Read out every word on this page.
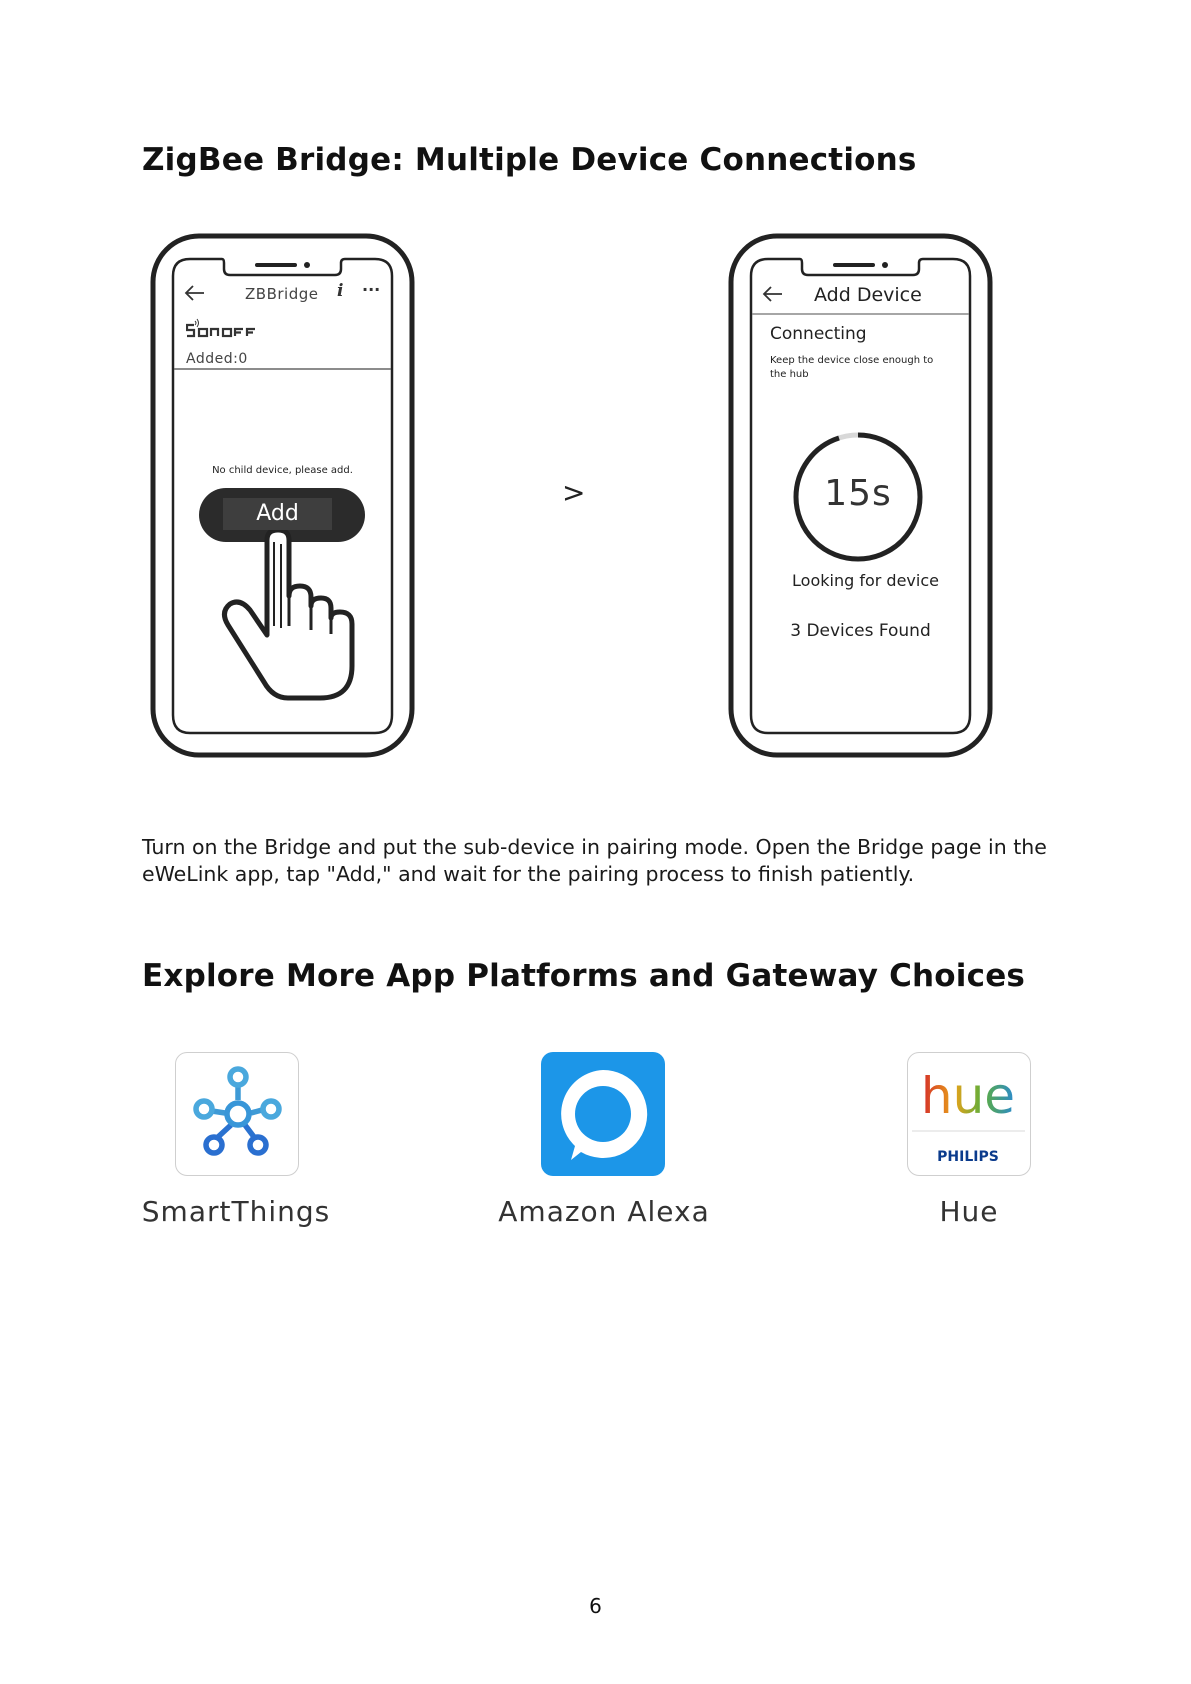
ZigBee Bridge: Multiple Device Connections
ZBBridge i ···
Added:0
No child device, please add.
Add
>
Add Device
Connecting
Keep the device close enough to
the hub
15s
Looking for device
3 Devices Found
Turn on the Bridge and put the sub-device in pairing mode. Open the Bridge page in the eWeLink app, tap "Add," and wait for the pairing process to finish patiently.
Explore More App Platforms and Gateway Choices
SmartThings	Amazon Alexa
hue
PHILIPS
Hue
6
